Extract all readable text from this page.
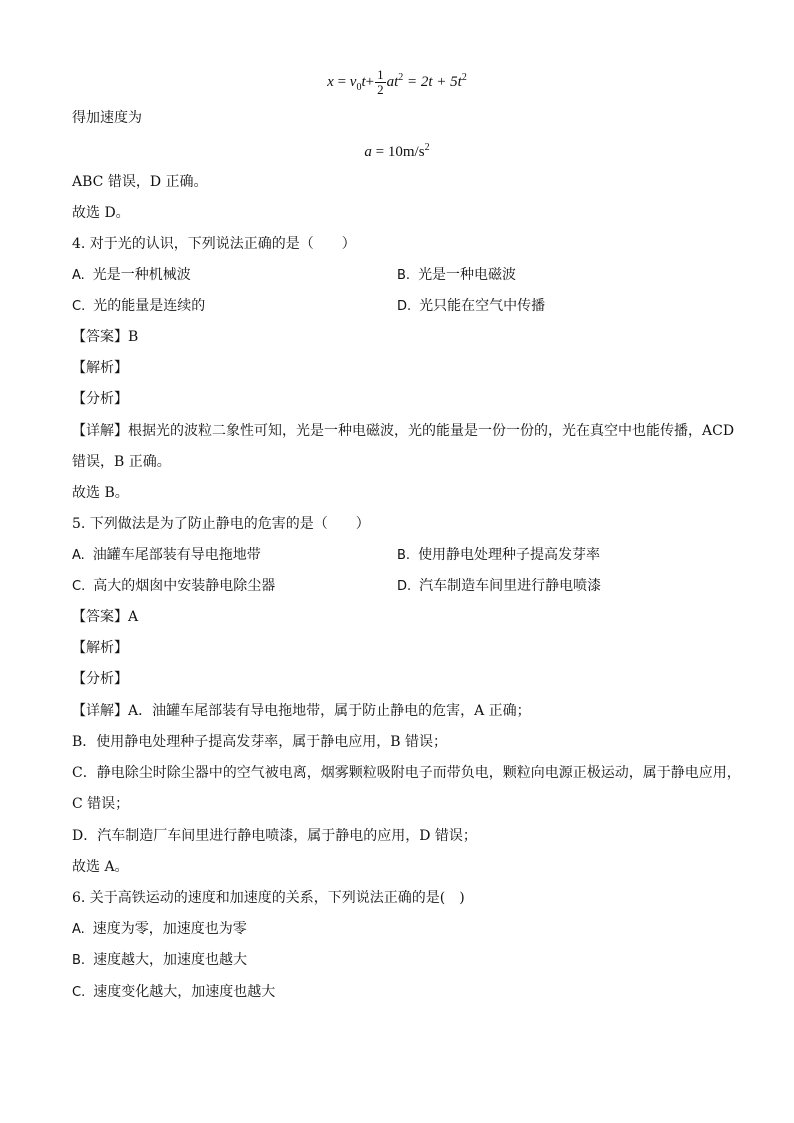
$x = v_0t+ \frac{1}{2} at^2 = 2t + 5t^2$
得加速度为
$a = 10m/s^2$
ABC 错误，D 正确。
故选 D。
4. 对于光的认识，下列说法正确的是（　　）
A. 光是一种机械波	B. 光是一种电磁波
C. 光的能量是连续的	D. 光只能在空气中传播
【答案】B
【解析】
【分析】
【详解】根据光的波粒二象性可知，光是一种电磁波，光的能量是一份一份的，光在真空中也能传播，ACD
错误，B 正确。
故选 B。
5. 下列做法是为了防止静电的危害的是（　　）
A. 油罐车尾部装有导电拖地带	B. 使用静电处理种子提高发芽率
C. 高大的烟囱中安装静电除尘器	D. 汽车制造车间里进行静电喷漆
【答案】A
【解析】
【分析】
【详解】A．油罐车尾部装有导电拖地带，属于防止静电的危害，A 正确；
B．使用静电处理种子提高发芽率，属于静电应用，B 错误；
C．静电除尘时除尘器中的空气被电离，烟雾颗粒吸附电子而带负电，颗粒向电源正极运动，属于静电应用，
C 错误；
D．汽车制造厂车间里进行静电喷漆，属于静电的应用，D 错误；
故选 A。
6. 关于高铁运动的速度和加速度的关系，下列说法正确的是(　)
A. 速度为零，加速度也为零
B. 速度越大，加速度也越大
C. 速度变化越大，加速度也越大
